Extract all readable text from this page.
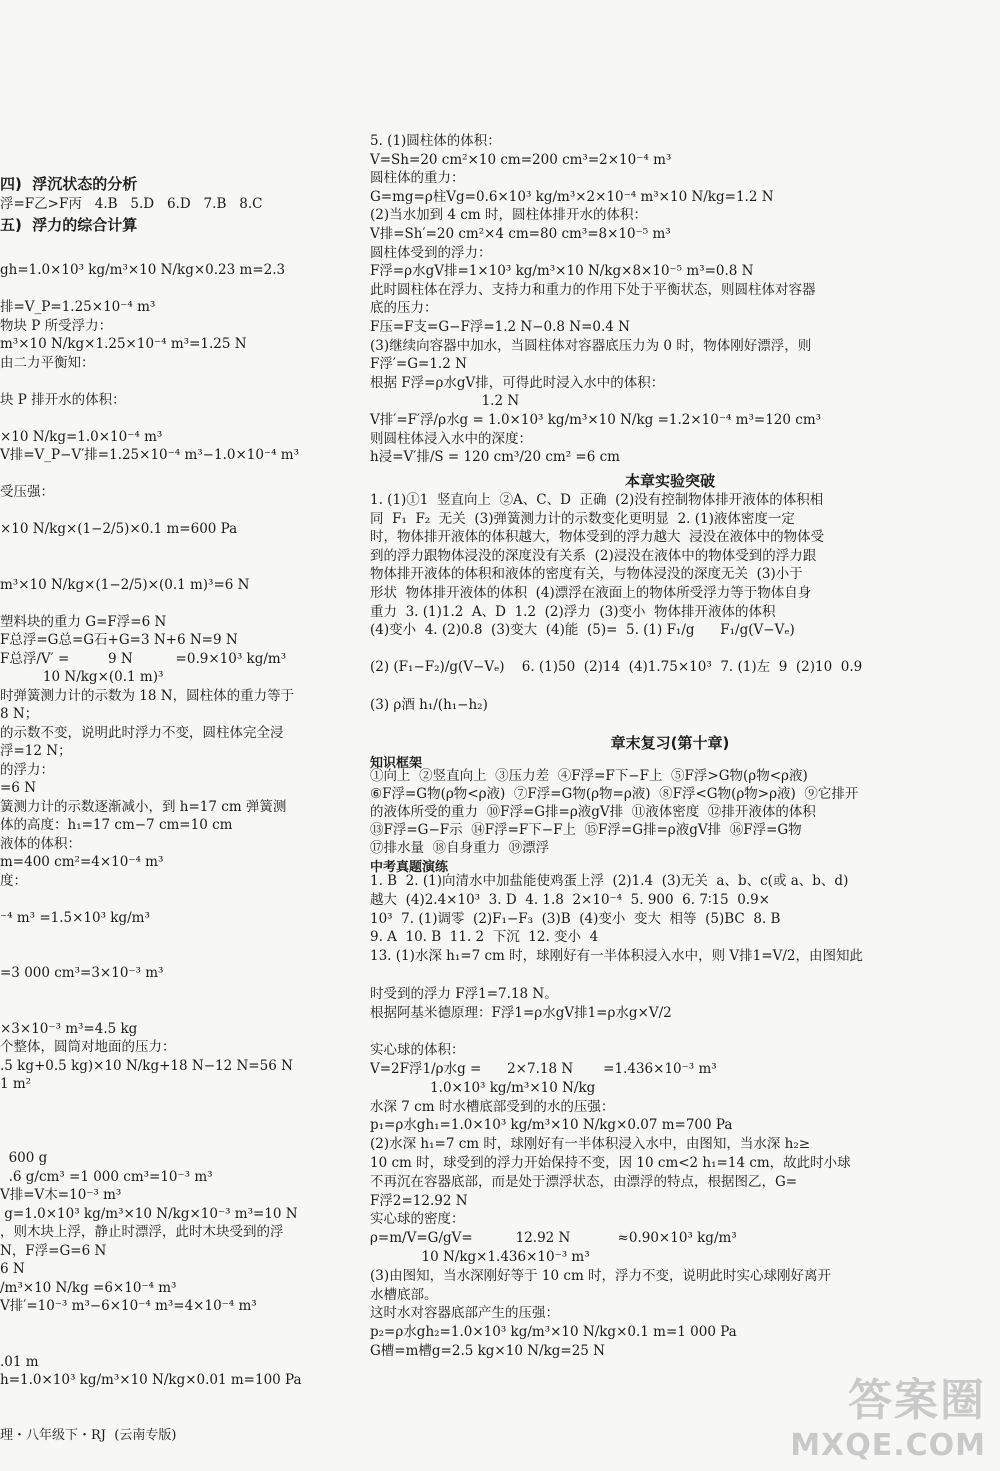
四)  浮沉状态的分析
浮=F乙>F丙   4.B   5.D   6.D   7.B   8.C
五)  浮力的综合计算
gh=1.0×10³ kg/m³×10 N/kg×0.23 m=2.3
排=V_P=1.25×10⁻⁴ m³
物块 P 所受浮力：
m³×10 N/kg×1.25×10⁻⁴ m³=1.25 N
由二力平衡知：
块 P 排开水的体积：
×10 N/kg=1.0×10⁻⁴ m³
V排=V_P−V′排=1.25×10⁻⁴ m³−1.0×10⁻⁴ m³
受压强：
×10 N/kg×(1−2/5)×0.1 m=600 Pa
m³×10 N/kg×(1−2/5)×(0.1 m)³=6 N
塑料块的重力 G=F浮=6 N
F总浮=G总=G石+G=3 N+6 N=9 N
F总浮/V′ =         9 N          =0.9×10³ kg/m³
10 N/kg×(0.1 m)³
时弹簧测力计的示数为 18 N，圆柱体的重力等于
8 N；
的示数不变，说明此时浮力不变，圆柱体完全浸
浮=12 N；
的浮力：
=6 N
簧测力计的示数逐渐减小，到 h=17 cm 弹簧测
体的高度：h₁=17 cm−7 cm=10 cm
液体的体积：
m=400 cm²=4×10⁻⁴ m³
度：
⁻⁴ m³ =1.5×10³ kg/m³
=3 000 cm³=3×10⁻³ m³
×3×10⁻³ m³=4.5 kg
个整体，圆筒对地面的压力：
.5 kg+0.5 kg)×10 N/kg+18 N−12 N=56 N
1 m²
600 g
.6 g/cm³ =1 000 cm³=10⁻³ m³
V排=V木=10⁻³ m³
g=1.0×10³ kg/m³×10 N/kg×10⁻³ m³=10 N
，则木块上浮，静止时漂浮，此时木块受到的浮
N，F浮=G=6 N
6 N
/m³×10 N/kg =6×10⁻⁴ m³
V排′=10⁻³ m³−6×10⁻⁴ m³=4×10⁻⁴ m³
.01 m
h=1.0×10³ kg/m³×10 N/kg×0.01 m=100 Pa
理・八年级下・RJ  (云南专版)
5. (1)圆柱体的体积：
V=Sh=20 cm²×10 cm=200 cm³=2×10⁻⁴ m³
圆柱体的重力：
G=mg=ρ柱Vg=0.6×10³ kg/m³×2×10⁻⁴ m³×10 N/kg=1.2 N
(2)当水加到 4 cm 时，圆柱体排开水的体积：
V排=Sh′=20 cm²×4 cm=80 cm³=8×10⁻⁵ m³
圆柱体受到的浮力：
F浮=ρ水gV排=1×10³ kg/m³×10 N/kg×8×10⁻⁵ m³=0.8 N
此时圆柱体在浮力、支持力和重力的作用下处于平衡状态，则圆柱体对容器
底的压力：
F压=F支=G−F浮=1.2 N−0.8 N=0.4 N
(3)继续向容器中加水，当圆柱体对容器底压力为 0 时，物体刚好漂浮，则
F浮′=G=1.2 N
根据 F浮=ρ水gV排，可得此时浸入水中的体积：
1.2 N
V排′=F′浮/ρ水g = 1.0×10³ kg/m³×10 N/kg =1.2×10⁻⁴ m³=120 cm³
则圆柱体浸入水中的深度：
h浸=V′排/S = 120 cm³/20 cm² =6 cm
本章实验突破
1. (1)①1  竖直向上  ②A、C、D  正确  (2)没有控制物体排开液体的体积相
同  F₁  F₂  无关  (3)弹簧测力计的示数变化更明显  2. (1)液体密度一定
时，物体排开液体的体积越大，物体受到的浮力越大  浸没在液体中的物体受
到的浮力跟物体浸没的深度没有关系  (2)浸没在液体中的物体受到的浮力跟
物体排开液体的体积和液体的密度有关，与物体浸没的深度无关  (3)小于
形状  物体排开液体的体积  (4)漂浮在液面上的物体所受浮力等于物体自身
重力  3. (1)1.2  A、D  1.2  (2)浮力  (3)变小  物体排开液体的体积
(4)变小  4. (2)0.8  (3)变大  (4)能  (5)=  5. (1) F₁/g      F₁/g(V−Vₑ)
(2) (F₁−F₂)/g(V−Vₑ)    6. (1)50  (2)14  (4)1.75×10³  7. (1)左  9  (2)10  0.9
(3) ρ酒 h₁/(h₁−h₂)
章末复习(第十章)
知识框架
①向上  ②竖直向上  ③压力差  ④F浮=F下−F上  ⑤F浮>G物(ρ物<ρ液)
⑥F浮=G物(ρ物<ρ液)  ⑦F浮=G物(ρ物=ρ液)  ⑧F浮<G物(ρ物>ρ液)  ⑨它排开
的液体所受的重力  ⑩F浮=G排=ρ液gV排  ⑪液体密度  ⑫排开液体的体积
⑬F浮=G−F示  ⑭F浮=F下−F上  ⑮F浮=G排=ρ液gV排  ⑯F浮=G物
⑰排水量  ⑱自身重力  ⑲漂浮
中考真题演练
1. B  2. (1)向清水中加盐能使鸡蛋上浮  (2)1.4  (3)无关  a、b、c(或 a、b、d)
越大  (4)2.4×10³  3. D  4. 1.8  2×10⁻⁴  5. 900  6. 7∶15  0.9×
10³  7. (1)调零  (2)F₁−F₃  (3)B  (4)变小  变大  相等  (5)BC  8. B
9. A  10. B  11. 2  下沉  12. 变小  4
13. (1)水深 h₁=7 cm 时，球刚好有一半体积浸入水中，则 V排1=V/2，由图知此
时受到的浮力 F浮1=7.18 N。
根据阿基米德原理：F浮1=ρ水gV排1=ρ水g×V/2
实心球的体积：
V=2F浮1/ρ水g =      2×7.18 N       =1.436×10⁻³ m³
1.0×10³ kg/m³×10 N/kg
水深 7 cm 时水槽底部受到的水的压强：
p₁=ρ水gh₁=1.0×10³ kg/m³×10 N/kg×0.07 m=700 Pa
(2)水深 h₁=7 cm 时，球刚好有一半体积浸入水中，由图知，当水深 h₂≥
10 cm 时，球受到的浮力开始保持不变，因 10 cm<2 h₁=14 cm，故此时小球
不再沉在容器底部，而是处于漂浮状态，由漂浮的特点，根据图乙，G=
F浮2=12.92 N
实心球的密度：
ρ=m/V=G/gV=          12.92 N           ≈0.90×10³ kg/m³
10 N/kg×1.436×10⁻³ m³
(3)由图知，当水深刚好等于 10 cm 时，浮力不变，说明此时实心球刚好离开
水槽底部。
这时水对容器底部产生的压强：
p₂=ρ水gh₂=1.0×10³ kg/m³×10 N/kg×0.1 m=1 000 Pa
G槽=m槽g=2.5 kg×10 N/kg=25 N
答案圈
MXQE.COM
